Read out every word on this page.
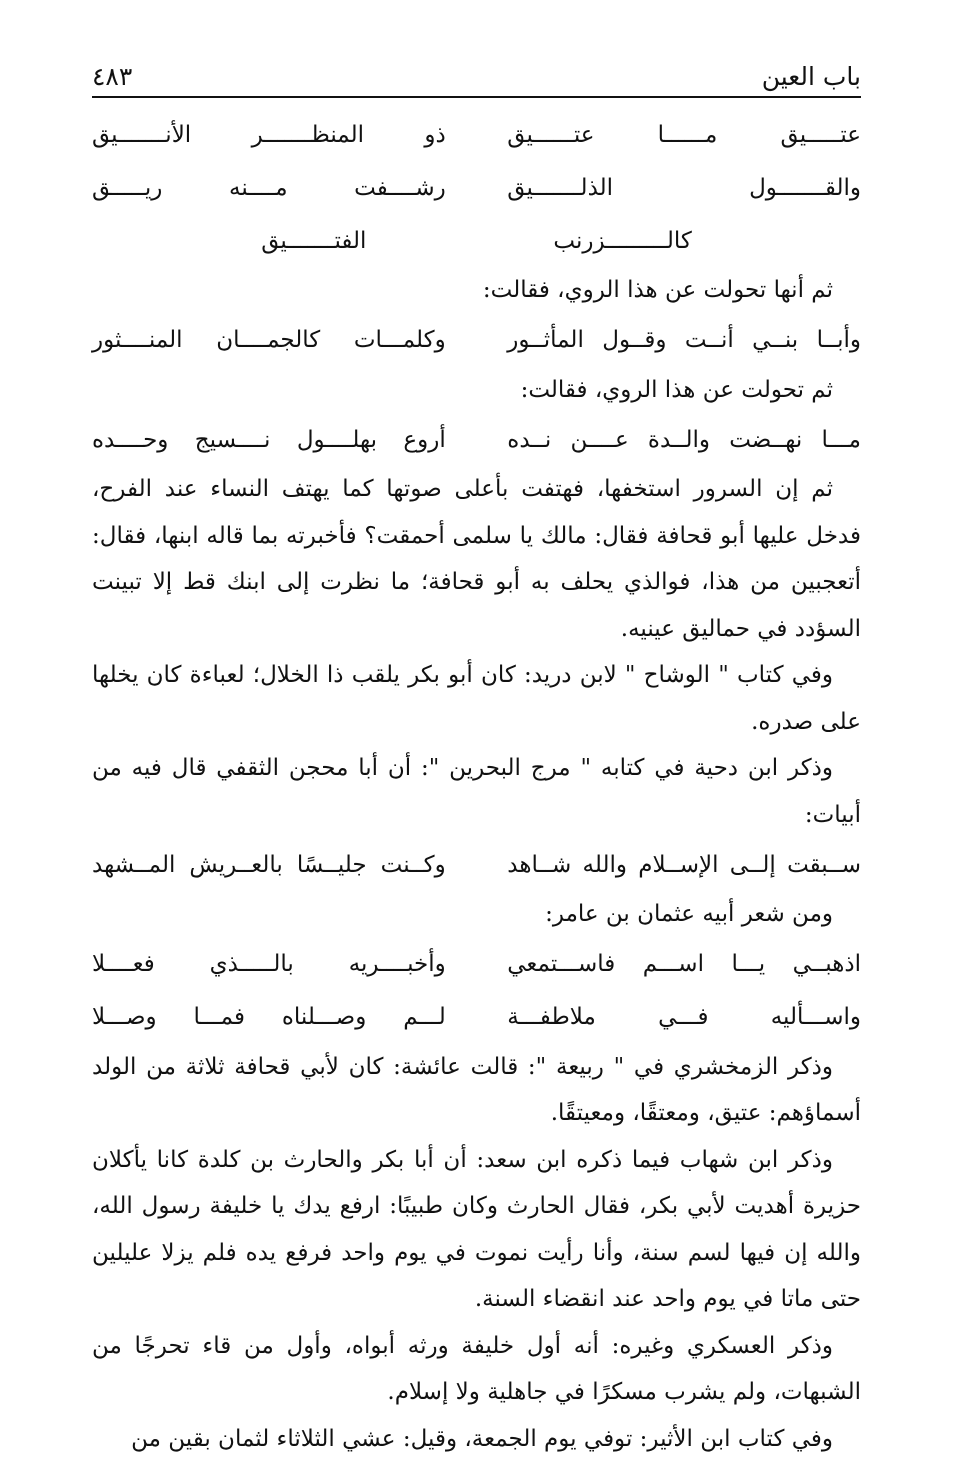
باب العين
٤٨٣
عتـــــيق مــــــا عتــــــيق
ذو المنظـــــــر الأنـــــــيق
والقـــــــول الذلـــــــيق
رشــــفت مــــنه ريـــــق
كالـــــــــزرنب الفتـــــــيق

ثم أنها تحولت عن هذا الروي، فقالت:

وأبــا بنــي أنــت وقــول المأثــور
وكلمـــات كالجمــــان المنــــثور

ثم تحولت عن هذا الروي، فقالت:

مـــا نهــضت والــدة عــــن نــده
أروع بهلــــول نــــسيج وحــــده

ثم إن السرور استخفها، فهتفت بأعلى صوتها كما يهتف النساء عند الفرح، فدخل عليها أبو قحافة فقال: مالك يا سلمى أحمقت؟ فأخبرته بما قاله ابنها، فقال: أتعجبين من هذا، فوالذي يحلف به أبو قحافة؛ ما نظرت إلى ابنك قط إلا تبينت السؤدد في حماليق عينيه.

وفي كتاب " الوشاح " لابن دريد: كان أبو بكر يلقب ذا الخلال؛ لعباءة كان يخلها على صدره.

وذكر ابن دحية في كتابه " مرج البحرين ": أن أبا محجن الثقفي قال فيه من أبيات:

ســبقت إلــى الإســلام والله شــاهد
وكــنت جليــسًا بالعــريش المــشهد

ومن شعر أبيه عثمان بن عامر:

اذهبــي يـــا اســـم فاســـتمعي
وأخبــــريه بالـــــذي فعــــلا
واســـأليه فـــي ملاطفـــة
لـــم وصـــلناه فمـــا وصـــلا

وذكر الزمخشري في " ربيعة ": قالت عائشة: كان لأبي قحافة ثلاثة من الولد أسماؤهم: عتيق، ومعتقًا، ومعيتقًا.

وذكر ابن شهاب فيما ذكره ابن سعد: أن أبا بكر والحارث بن كلدة كانا يأكلان حزيرة أهديت لأبي بكر، فقال الحارث وكان طبيبًا: ارفع يدك يا خليفة رسول الله، والله إن فيها لسم سنة، وأنا رأيت نموت في يوم واحد فرفع يده فلم يزلا عليلين حتى ماتا في يوم واحد عند انقضاء السنة.

وذكر العسكري وغيره: أنه أول خليفة ورثه أبواه، وأول من قاء تحرجًا من الشبهات، ولم يشرب مسكرًا في جاهلية ولا إسلام.

وفي كتاب ابن الأثير: توفي يوم الجمعة، وقيل: عشي الثلاثاء لثمان بقين من
